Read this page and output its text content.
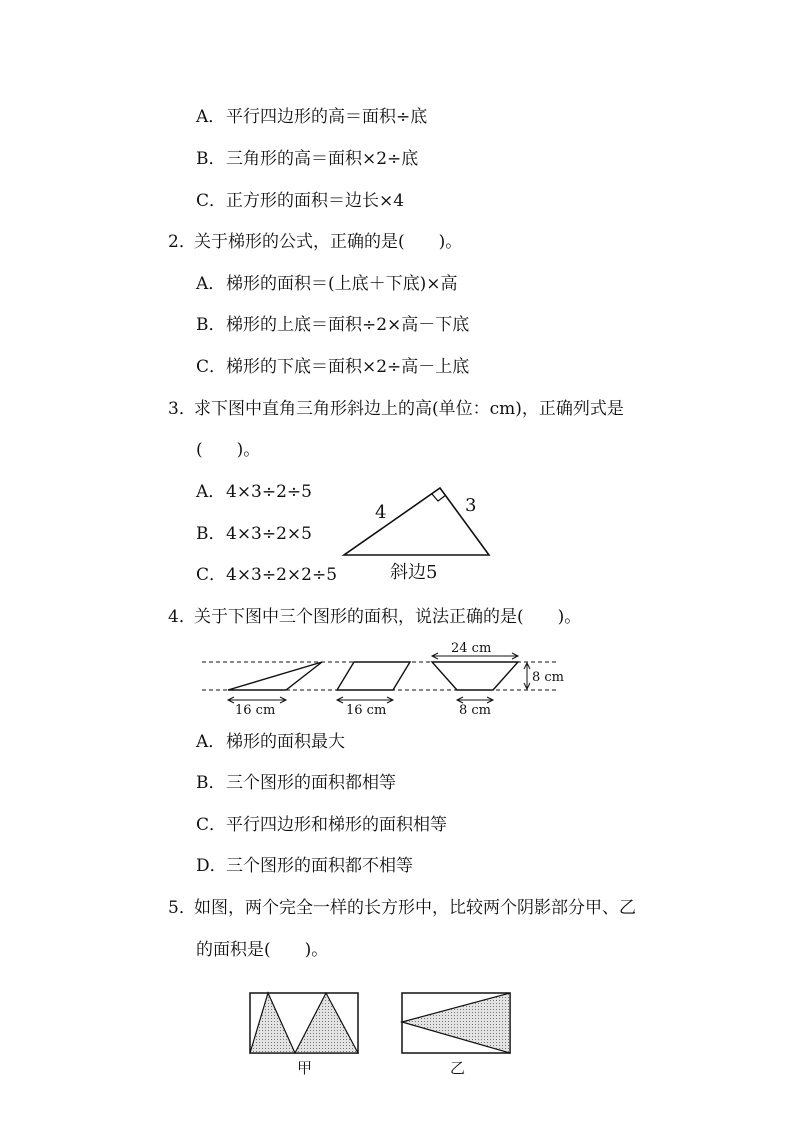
A．平行四边形的高＝面积÷底
B．三角形的高＝面积×2÷底
C．正方形的面积＝边长×4
2．关于梯形的公式，正确的是(　　)。
A．梯形的面积＝(上底＋下底)×高
B．梯形的上底＝面积÷2×高－下底
C．梯形的下底＝面积×2÷高－上底
3．求下图中直角三角形斜边上的高(单位：cm)，正确列式是
(　　)。
A．4×3÷2÷5
B．4×3÷2×5
C．4×3÷2×2÷5
4	3
斜边5
4．关于下图中三个图形的面积，说法正确的是(　　)。
16 cm	16 cm
24 cm
8 cm
8 cm
A．梯形的面积最大
B．三个图形的面积都相等
C．平行四边形和梯形的面积相等
D．三个图形的面积都不相等
5．如图，两个完全一样的长方形中，比较两个阴影部分甲、乙
的面积是(　　)。
甲	乙
